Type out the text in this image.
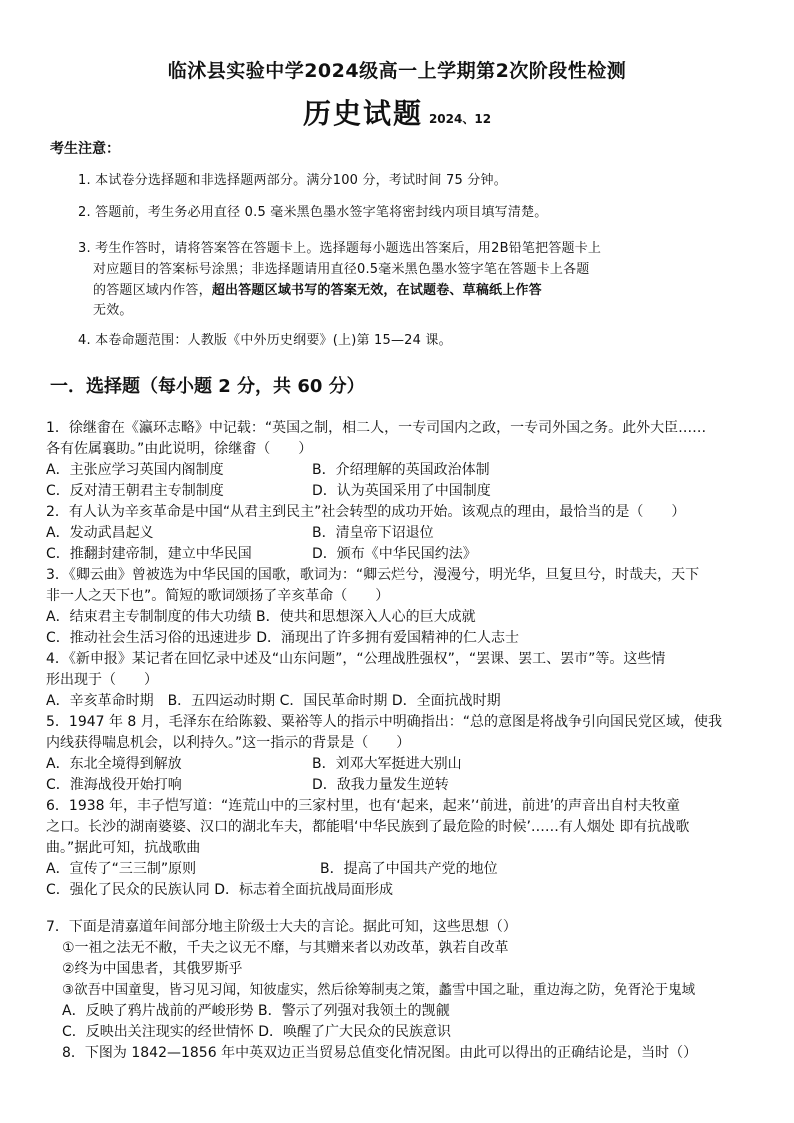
临沭县实验中学2024级高一上学期第2次阶段性检测
历史试题 2024、12
考生注意：
1. 本试卷分选择题和非选择题两部分。满分100 分，考试时间 75 分钟。
2. 答题前，考生务必用直径 0.5 毫米黑色墨水签字笔将密封线内项目填写清楚。
3. 考生作答时，请将答案答在答题卡上。选择题每小题选出答案后，用2B铅笔把答题卡上
对应题目的答案标号涂黑；非选择题请用直径0.5毫米黑色墨水签字笔在答题卡上各题
的答题区域内作答，超出答题区域书写的答案无效，在试题卷、草稿纸上作答
无效。
4. 本卷命题范围：人教版《中外历史纲要》(上)第 15—24 课。
一．选择题（每小题 2 分，共 60 分）
1．徐继畬在《瀛环志略》中记载：“英国之制，相二人，一专司国内之政，一专司外国之务。此外大臣……
各有佐属襄助。”由此说明，徐继畬（　　）
A．主张应学习英国内阁制度	B．介绍理解的英国政治体制
C．反对清王朝君主专制制度	D．认为英国采用了中国制度
2．有人认为辛亥革命是中国“从君主到民主”社会转型的成功开始。该观点的理由，最恰当的是（　　）
A．发动武昌起义	B．清皇帝下诏退位
C．推翻封建帝制，建立中华民国	D．颁布《中华民国约法》
3．《卿云曲》曾被选为中华民国的国歌，歌词为：“卿云烂兮，漫漫兮，明光华，旦复旦兮，时哉夫，天下
非一人之天下也”。简短的歌词颂扬了辛亥革命（　　）
A．结束君主专制制度的伟大功绩 B．使共和思想深入人心的巨大成就
C．推动社会生活习俗的迅速进步 D．涌现出了许多拥有爱国精神的仁人志士
4．《新申报》某记者在回忆录中述及“山东问题”，“公理战胜强权”，“罢课、罢工、罢市”等。这些情
形出现于（　　）
A．辛亥革命时期　B．五四运动时期 C．国民革命时期 D．全面抗战时期
5．1947 年 8 月，毛泽东在给陈毅、粟裕等人的指示中明确指出：“总的意图是将战争引向国民党区域，使我
内线获得喘息机会，以利持久。”这一指示的背景是（　　）
A．东北全境得到解放	B．刘邓大军挺进大别山
C．淮海战役开始打响	D．敌我力量发生逆转
6．1938 年，丰子恺写道：“连荒山中的三家村里，也有‘起来，起来’‘前进，前进’的声音出自村夫牧童
之口。长沙的湖南婆婆、汉口的湖北车夫，都能唱‘中华民族到了最危险的时候’……有人烟处 即有抗战歌
曲。”据此可知，抗战歌曲
A．宣传了“三三制”原则	B．提高了中国共产党的地位
C．强化了民众的民族认同 D．标志着全面抗战局面形成
7．下面是清嘉道年间部分地主阶级士大夫的言论。据此可知，这些思想（）
①一祖之法无不敝，千夫之议无不靡，与其赠来者以劝改革，孰若自改革
②终为中国患者，其俄罗斯乎
③欲吾中国童叟，皆习见习闻，知彼虚实，然后徐筹制夷之策，蠡雪中国之耻，重边海之防，免胥沦于鬼域
A．反映了鸦片战前的严峻形势 B．警示了列强对我领土的觊觎
C．反映出关注现实的经世情怀 D．唤醒了广大民众的民族意识
8．下图为 1842—1856 年中英双边正当贸易总值变化情况图。由此可以得出的正确结论是，当时（）
